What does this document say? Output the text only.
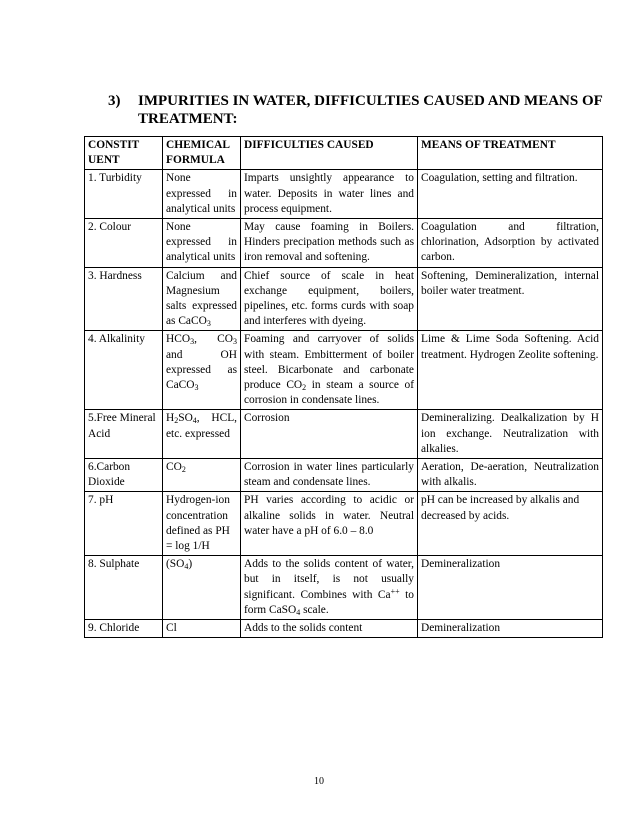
3) IMPURITIES IN WATER, DIFFICULTIES CAUSED AND MEANS OF
TREATMENT:
CONSTIT UENT	CHEMICAL FORMULA	DIFFICULTIES CAUSED	MEANS OF TREATMENT
1. Turbidity	None expressed in analytical units	Imparts unsightly appearance to water. Deposits in water lines and process equipment.	Coagulation, setting and filtration.
2. Colour	None expressed in analytical units	May cause foaming in Boilers. Hinders precipation methods such as iron removal and softening.	Coagulation and filtration, chlorination, Adsorption by activated carbon.
3. Hardness	Calcium and Magnesium salts expressed as CaCO$_3$	Chief source of scale in heat exchange equipment, boilers, pipelines, etc. forms curds with soap and interferes with dyeing.	Softening, Demineralization, internal boiler water treatment.
4. Alkalinity	$HCO_3$, $CO_3$ and OH expressed as CaCO$_3$	Foaming and carryover of solids with steam. Embitterment of boiler steel. Bicarbonate and carbonate produce $CO_2$ in steam a source of corrosion in condensate lines.	Lime & Lime Soda Softening. Acid treatment. Hydrogen Zeolite softening.
5.Free Mineral Acid	$H_2SO_4$, HCL, etc. expressed	Corrosion	Demineralizing. Dealkalization by H ion exchange. Neutralization with alkalies.
6.Carbon Dioxide	$CO_2$	Corrosion in water lines particularly steam and condensate lines.	Aeration, De-aeration, Neutralization with alkalis.
7. pH	Hydrogen-ion concentration defined as PH = log 1/H	PH varies according to acidic or alkaline solids in water. Neutral water have a pH of 6.0 – 8.0	pH can be increased by alkalis and decreased by acids.
8. Sulphate	$(SO_4)$	Adds to the solids content of water, but in itself, is not usually significant. Combines with Ca++ to form CaSO$_4$ scale.	Demineralization
9. Chloride	Cl	Adds to the solids content	Demineralization
10
